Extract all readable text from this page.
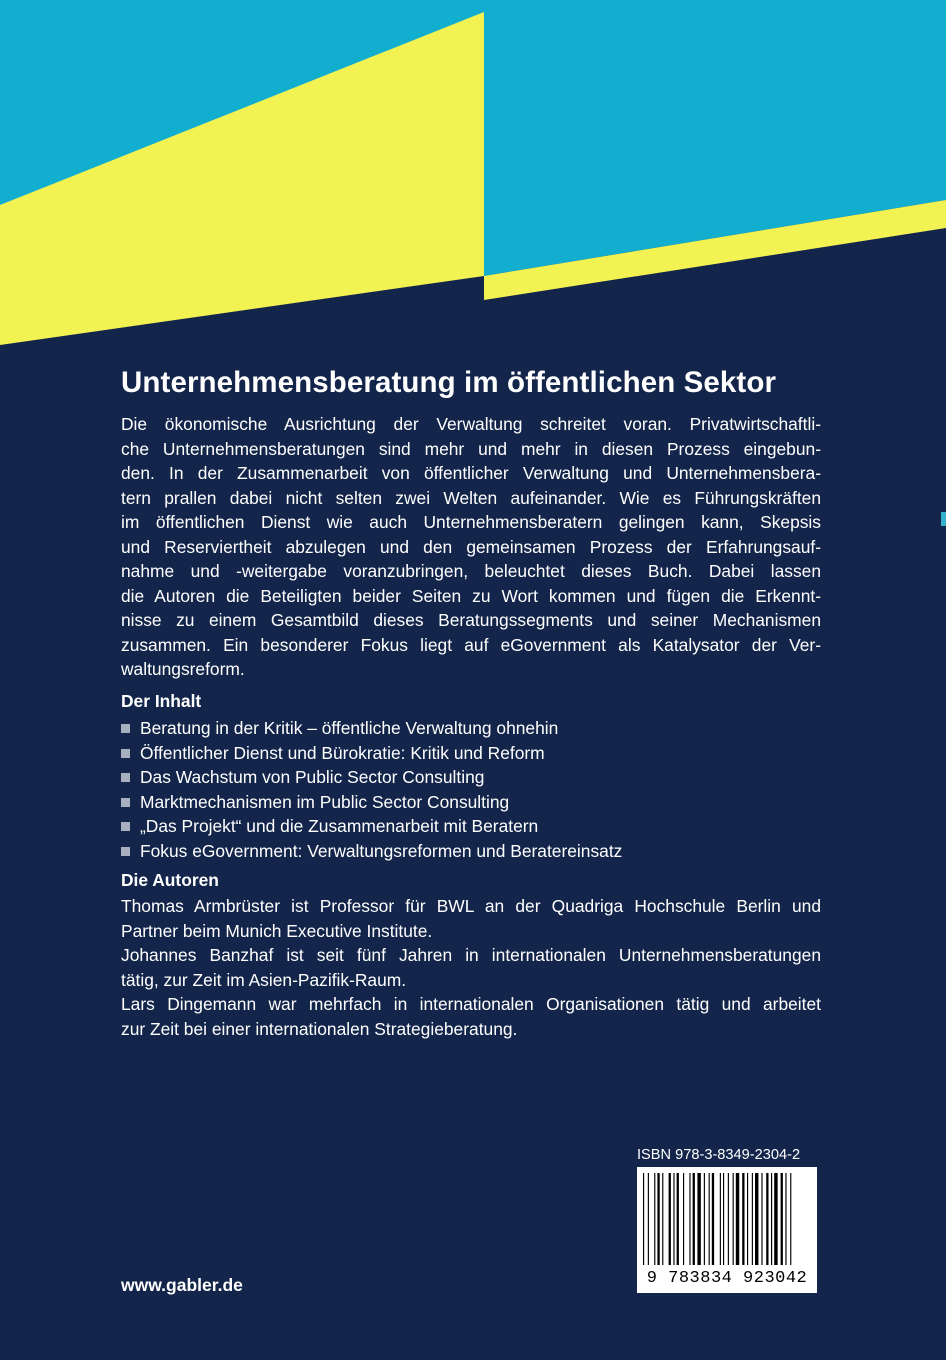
Unternehmensberatung im öffentlichen Sektor
Die ökonomische Ausrichtung der Verwaltung schreitet voran. Privatwirtschaftli-
che Unternehmensberatungen sind mehr und mehr in diesen Prozess eingebun-
den. In der Zusammenarbeit von öffentlicher Verwaltung und Unternehmensbera-
tern prallen dabei nicht selten zwei Welten aufeinander. Wie es Führungskräften
im öffentlichen Dienst wie auch Unternehmensberatern gelingen kann, Skepsis
und Reserviertheit abzulegen und den gemeinsamen Prozess der Erfahrungsauf-
nahme und -weitergabe voranzubringen, beleuchtet dieses Buch. Dabei lassen
die Autoren die Beteiligten beider Seiten zu Wort kommen und fügen die Erkennt-
nisse zu einem Gesamtbild dieses Beratungssegments und seiner Mechanismen
zusammen. Ein besonderer Fokus liegt auf eGovernment als Katalysator der Ver-
waltungsreform.
Der Inhalt
Beratung in der Kritik – öffentliche Verwaltung ohnehin
Öffentlicher Dienst und Bürokratie: Kritik und Reform
Das Wachstum von Public Sector Consulting
Marktmechanismen im Public Sector Consulting
„Das Projekt“ und die Zusammenarbeit mit Beratern
Fokus eGovernment: Verwaltungsreformen und Beratereinsatz
Die Autoren
Thomas Armbrüster ist Professor für BWL an der Quadriga Hochschule Berlin und
Partner beim Munich Executive Institute.
Johannes Banzhaf ist seit fünf Jahren in internationalen Unternehmensberatungen
tätig, zur Zeit im Asien-Pazifik-Raum.
Lars Dingemann war mehrfach in internationalen Organisationen tätig und arbeitet
zur Zeit bei einer internationalen Strategieberatung.
ISBN 978-3-8349-2304-2
9 783834 923042
www.gabler.de
